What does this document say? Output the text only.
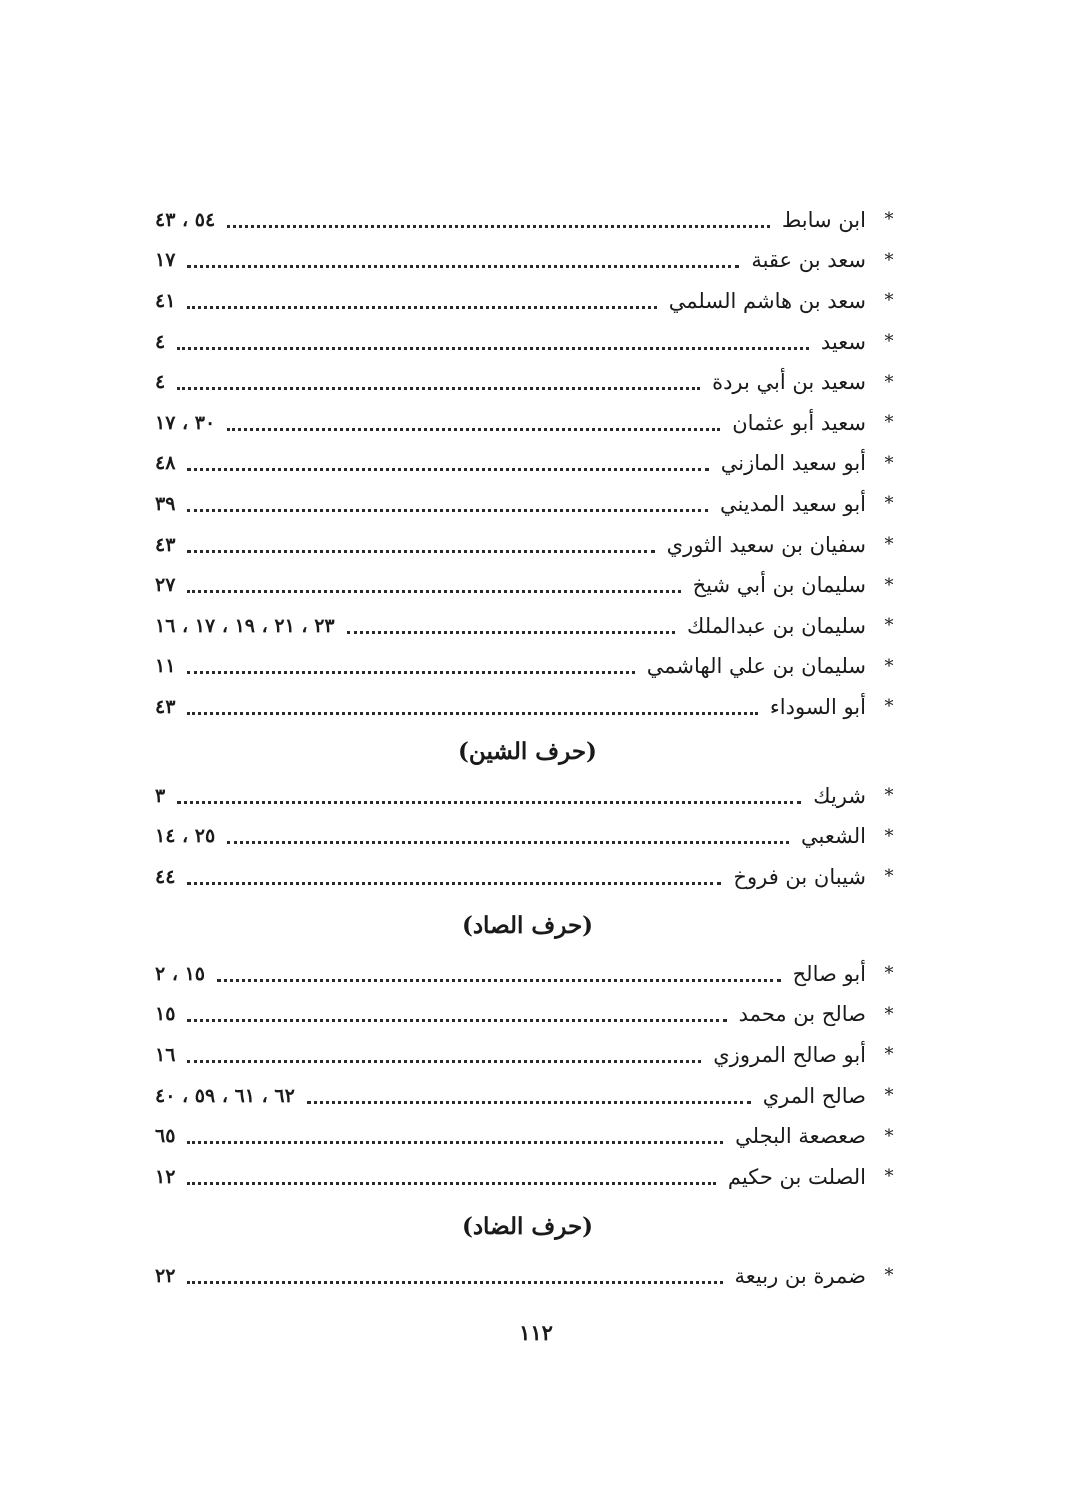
*
ابن سابط
٥٤ ، ٤٣
*
سعد بن عقبة
١٧
*
سعد بن هاشم السلمي
٤١
*
سعيد
٤
*
سعيد بن أبي بردة
٤
*
سعيد أبو عثمان
٣٠ ، ١٧
*
أبو سعيد المازني
٤٨
*
أبو سعيد المديني
٣٩
*
سفيان بن سعيد الثوري
٤٣
*
سليمان بن أبي شيخ
٢٧
*
سليمان بن عبدالملك
٢٣ ، ٢١ ، ١٩ ، ١٧ ، ١٦
*
سليمان بن علي الهاشمي
١١
*
أبو السوداء
٤٣
(حرف الشين)
*
شريك
٣
*
الشعبي
٢٥ ، ١٤
*
شيبان بن فروخ
٤٤
(حرف الصاد)
*
أبو صالح
١٥ ، ٢
*
صالح بن محمد
١٥
*
أبو صالح المروزي
١٦
*
صالح المري
٦٢ ، ٦١ ، ٥٩ ، ٤٠
*
صعصعة البجلي
٦٥
*
الصلت بن حكيم
١٢
(حرف الضاد)
*
ضمرة بن ربيعة
٢٢
١١٢
